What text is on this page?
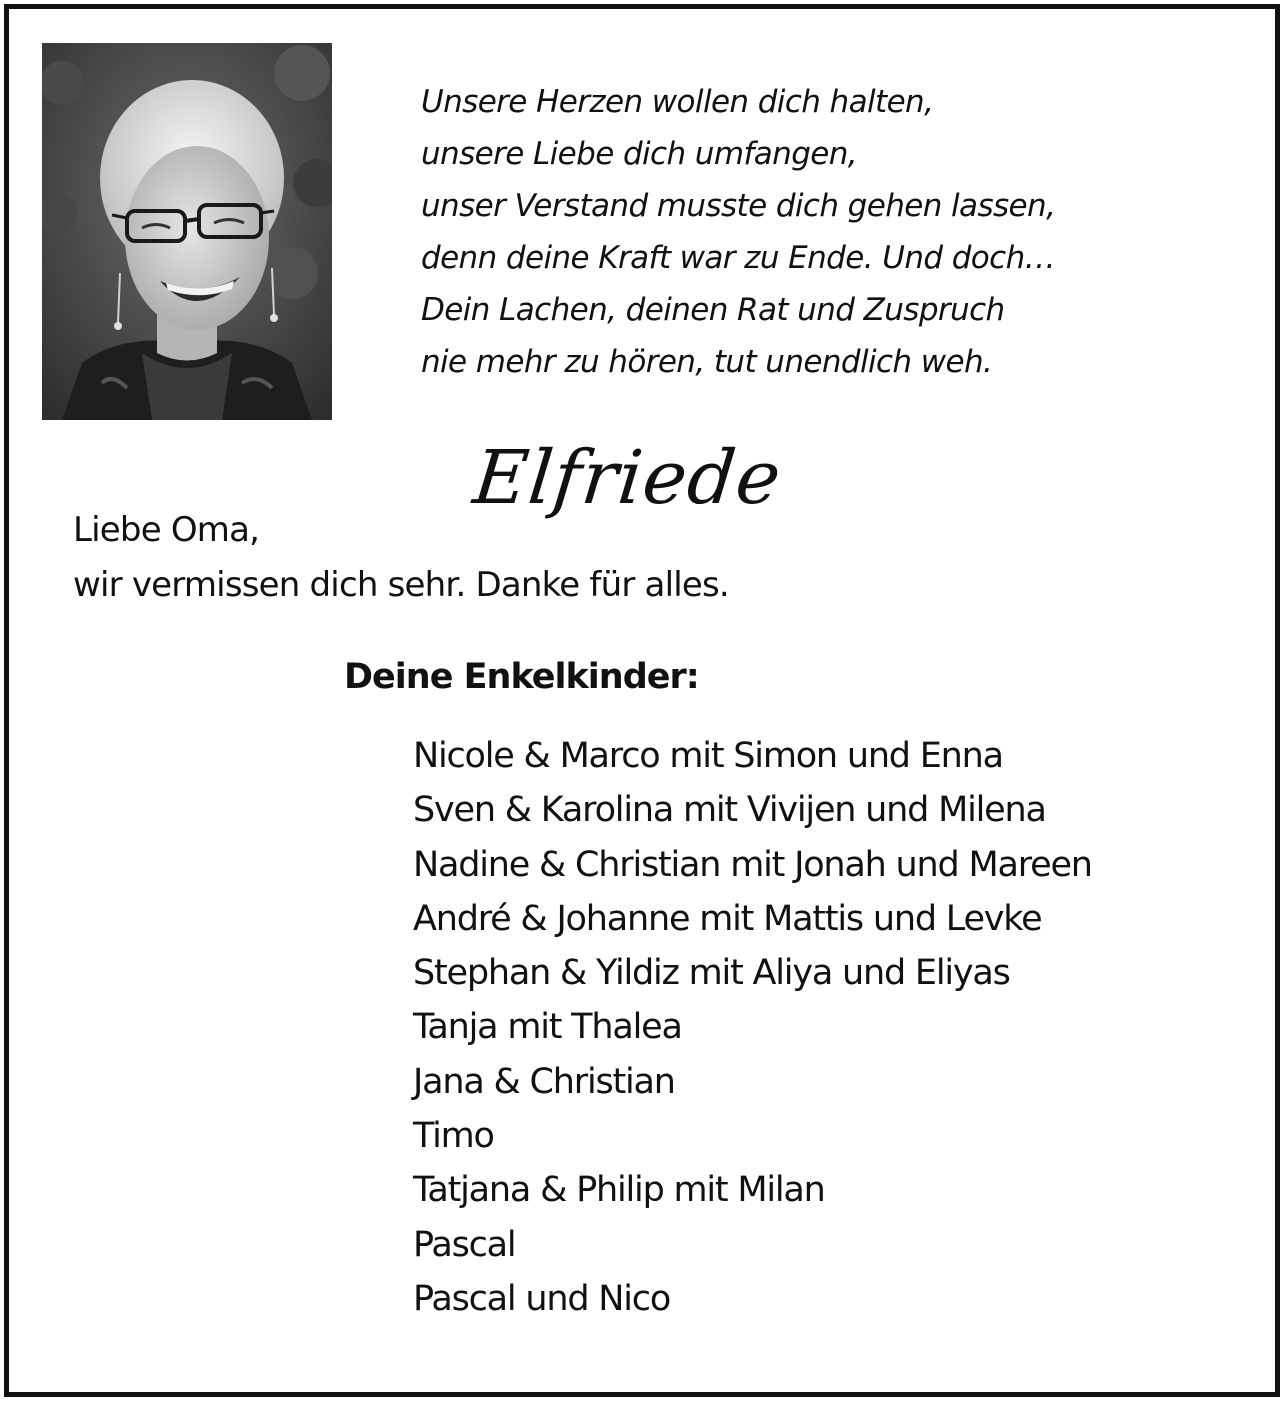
Unsere Herzen wollen dich halten,
unsere Liebe dich umfangen,
unser Verstand musste dich gehen lassen,
denn deine Kraft war zu Ende. Und doch…
Dein Lachen, deinen Rat und Zuspruch
nie mehr zu hören, tut unendlich weh.
Elfriede
Liebe Oma,
wir vermissen dich sehr. Danke für alles.
Deine Enkelkinder:
Nicole & Marco mit Simon und Enna
Sven & Karolina mit Vivijen und Milena
Nadine & Christian mit Jonah und Mareen
André & Johanne mit Mattis und Levke
Stephan & Yildiz mit Aliya und Eliyas
Tanja mit Thalea
Jana & Christian
Timo
Tatjana & Philip mit Milan
Pascal
Pascal und Nico
